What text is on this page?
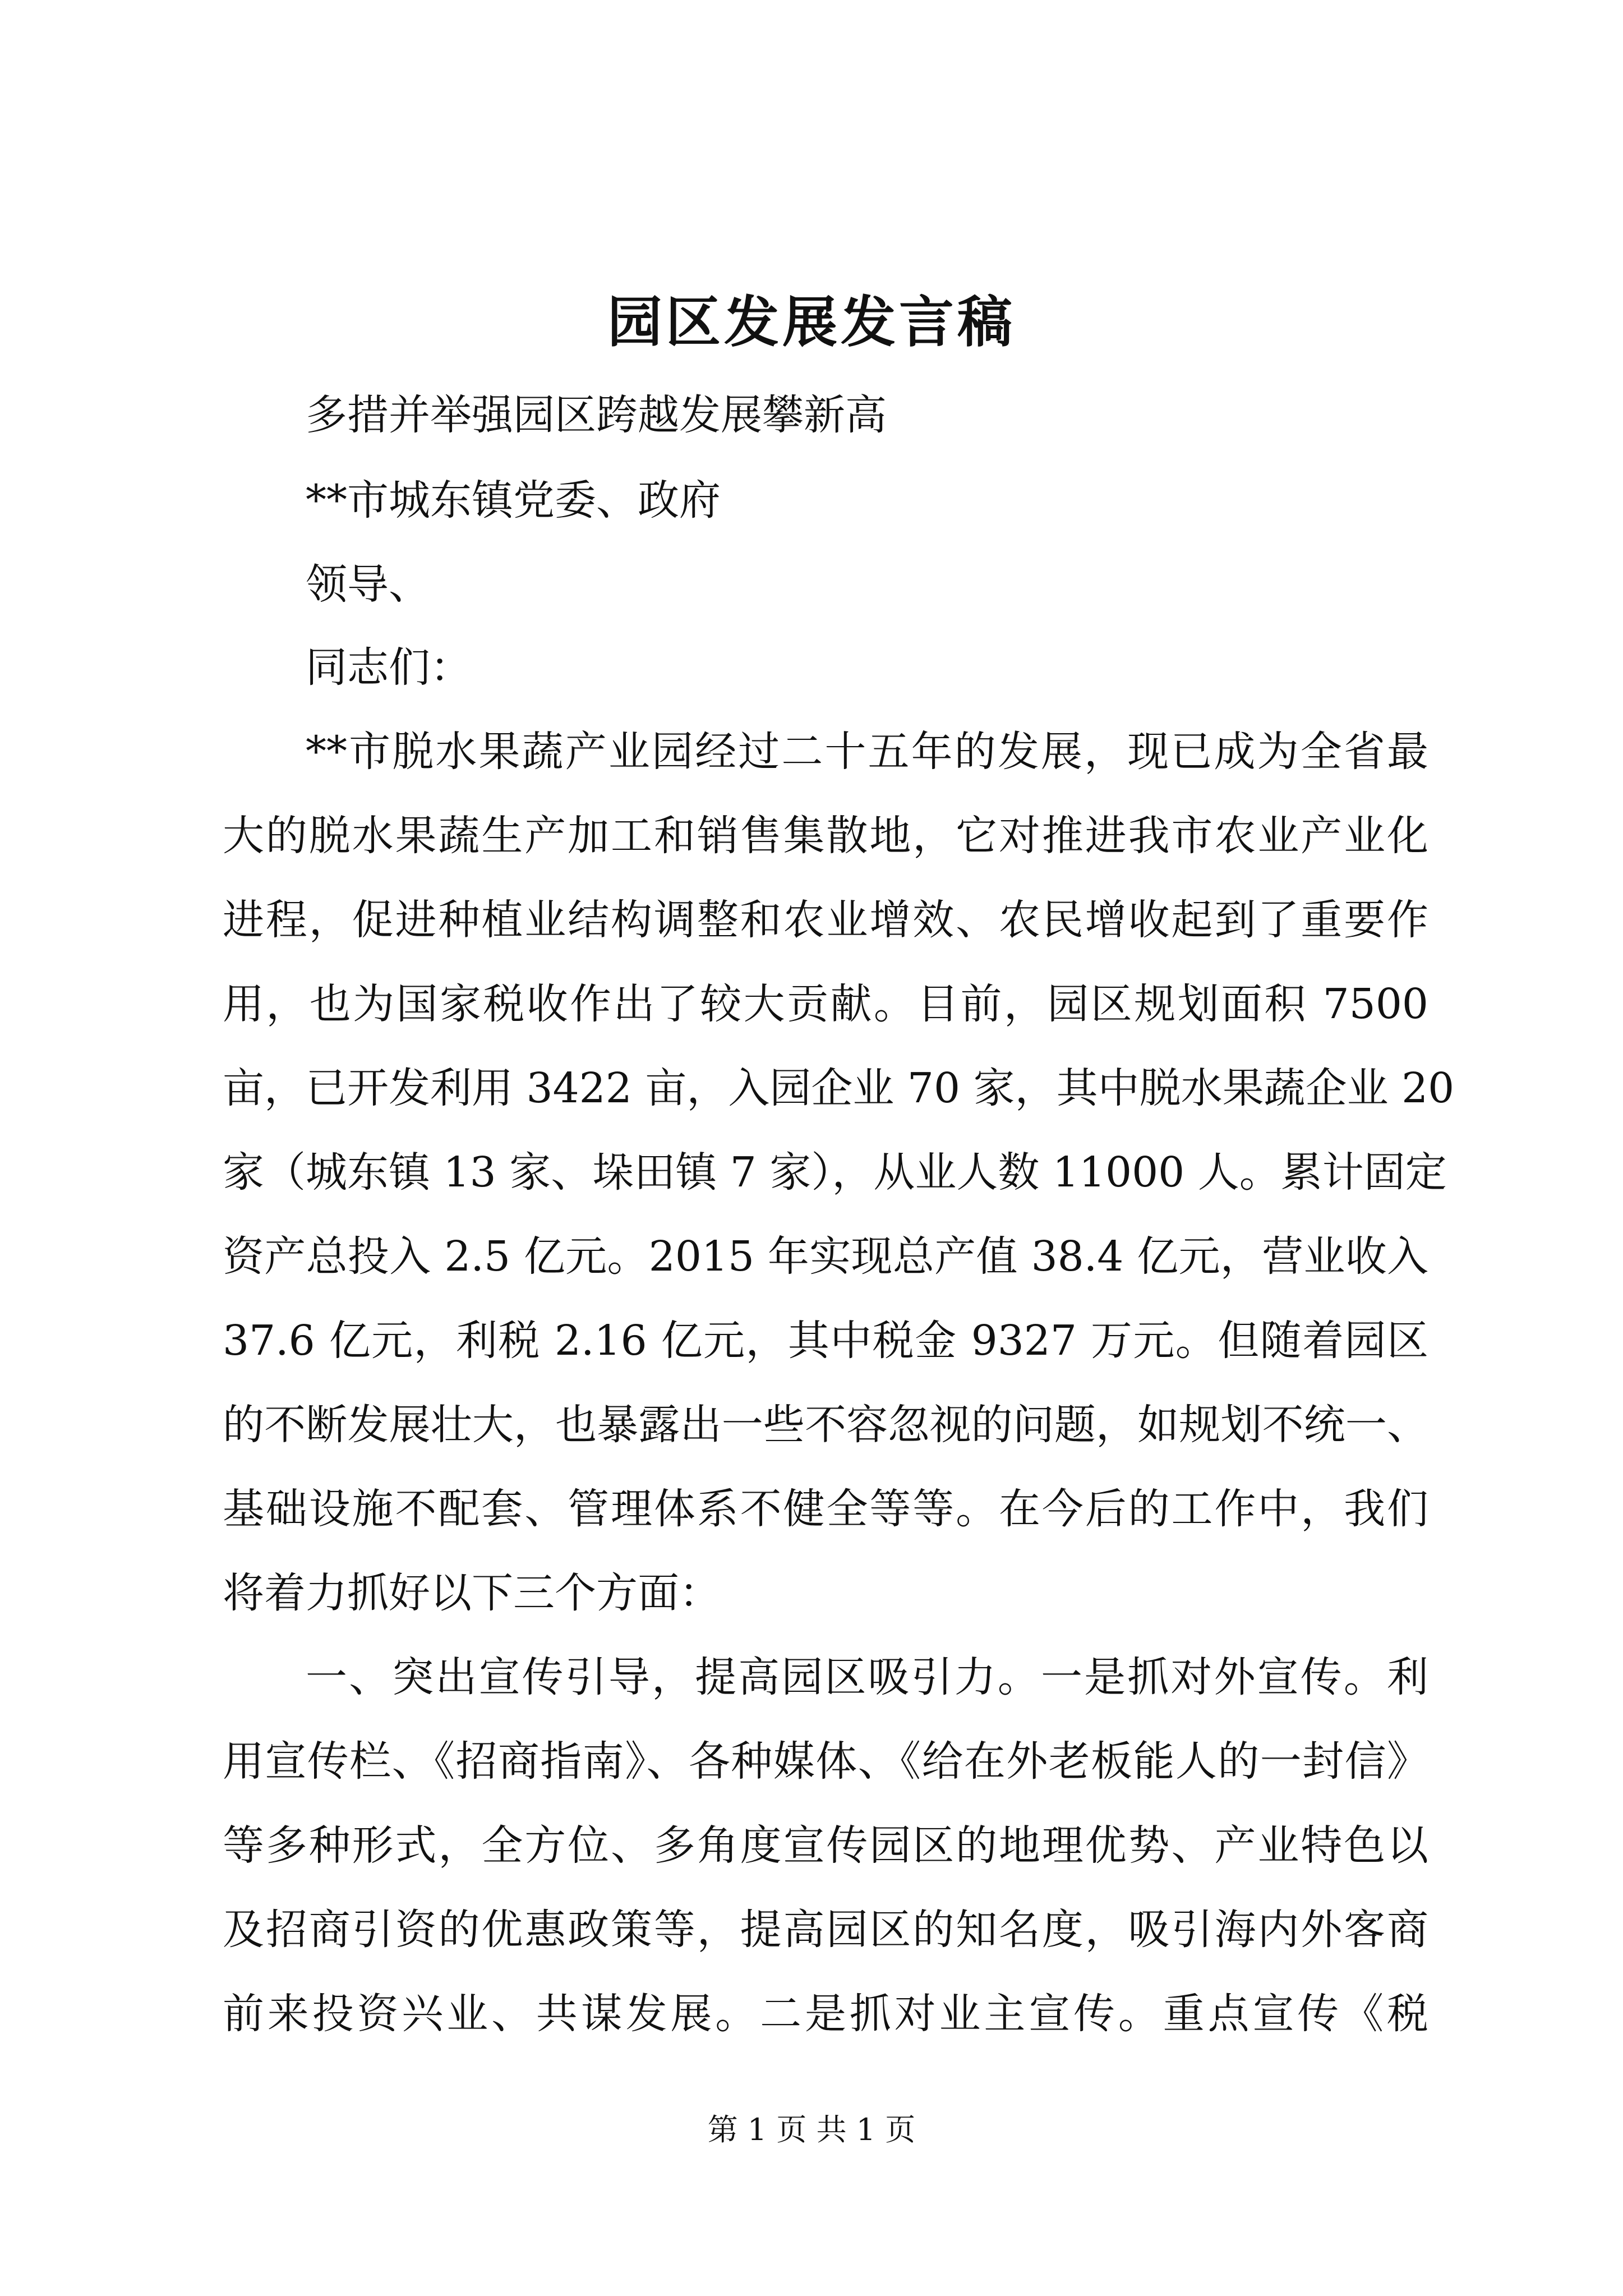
园区发展发言稿
多措并举强园区跨越发展攀新高
**市城东镇党委、政府
领导、
同志们：
**市脱水果蔬产业园经过二十五年的发展，现已成为全省最
大的脱水果蔬生产加工和销售集散地，它对推进我市农业产业化
进程，促进种植业结构调整和农业增效、农民增收起到了重要作
用，也为国家税收作出了较大贡献。目前，园区规划面积 7500
亩，已开发利用 3422 亩，入园企业 70 家，其中脱水果蔬企业 20
家（城东镇 13 家、垛田镇 7 家），从业人数 11000 人。累计固定
资产总投入 2.5 亿元。2015 年实现总产值 38.4 亿元，营业收入
37.6 亿元，利税 2.16 亿元，其中税金 9327 万元。但随着园区
的不断发展壮大，也暴露出一些不容忽视的问题，如规划不统一、
基础设施不配套、管理体系不健全等等。在今后的工作中，我们
将着力抓好以下三个方面：
一、突出宣传引导，提高园区吸引力。一是抓对外宣传。利
用宣传栏、《招商指南》、各种媒体、《给在外老板能人的一封信》
等多种形式，全方位、多角度宣传园区的地理优势、产业特色以
及招商引资的优惠政策等，提高园区的知名度，吸引海内外客商
前来投资兴业、共谋发展。二是抓对业主宣传。重点宣传《税
第 1 页 共 1 页
